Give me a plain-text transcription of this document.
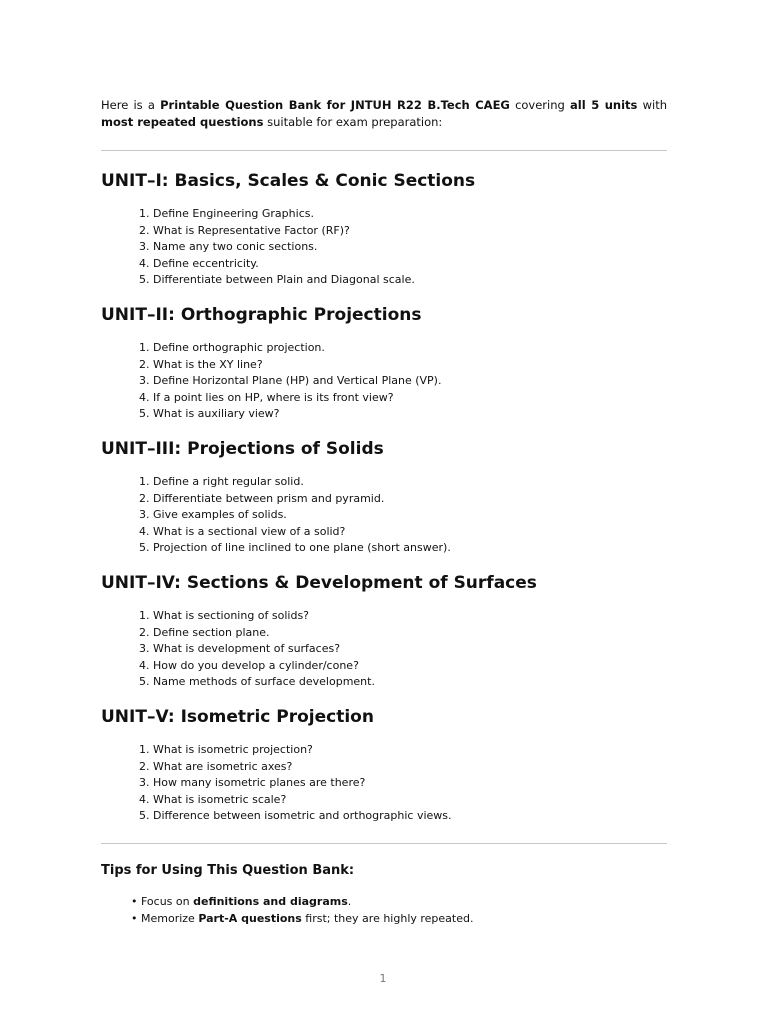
Here is a Printable Question Bank for JNTUH R22 B.Tech CAEG covering all 5 units with most repeated questions suitable for exam preparation:

UNIT–I: Basics, Scales & Conic Sections
1. Define Engineering Graphics.
2. What is Representative Factor (RF)?
3. Name any two conic sections.
4. Define eccentricity.
5. Differentiate between Plain and Diagonal scale.
UNIT–II: Orthographic Projections
1. Define orthographic projection.
2. What is the XY line?
3. Define Horizontal Plane (HP) and Vertical Plane (VP).
4. If a point lies on HP, where is its front view?
5. What is auxiliary view?
UNIT–III: Projections of Solids
1. Define a right regular solid.
2. Differentiate between prism and pyramid.
3. Give examples of solids.
4. What is a sectional view of a solid?
5. Projection of line inclined to one plane (short answer).
UNIT–IV: Sections & Development of Surfaces
1. What is sectioning of solids?
2. Define section plane.
3. What is development of surfaces?
4. How do you develop a cylinder/cone?
5. Name methods of surface development.
UNIT–V: Isometric Projection
1. What is isometric projection?
2. What are isometric axes?
3. How many isometric planes are there?
4. What is isometric scale?
5. Difference between isometric and orthographic views.
Tips for Using This Question Bank:
• Focus on definitions and diagrams.
• Memorize Part-A questions first; they are highly repeated.
1
